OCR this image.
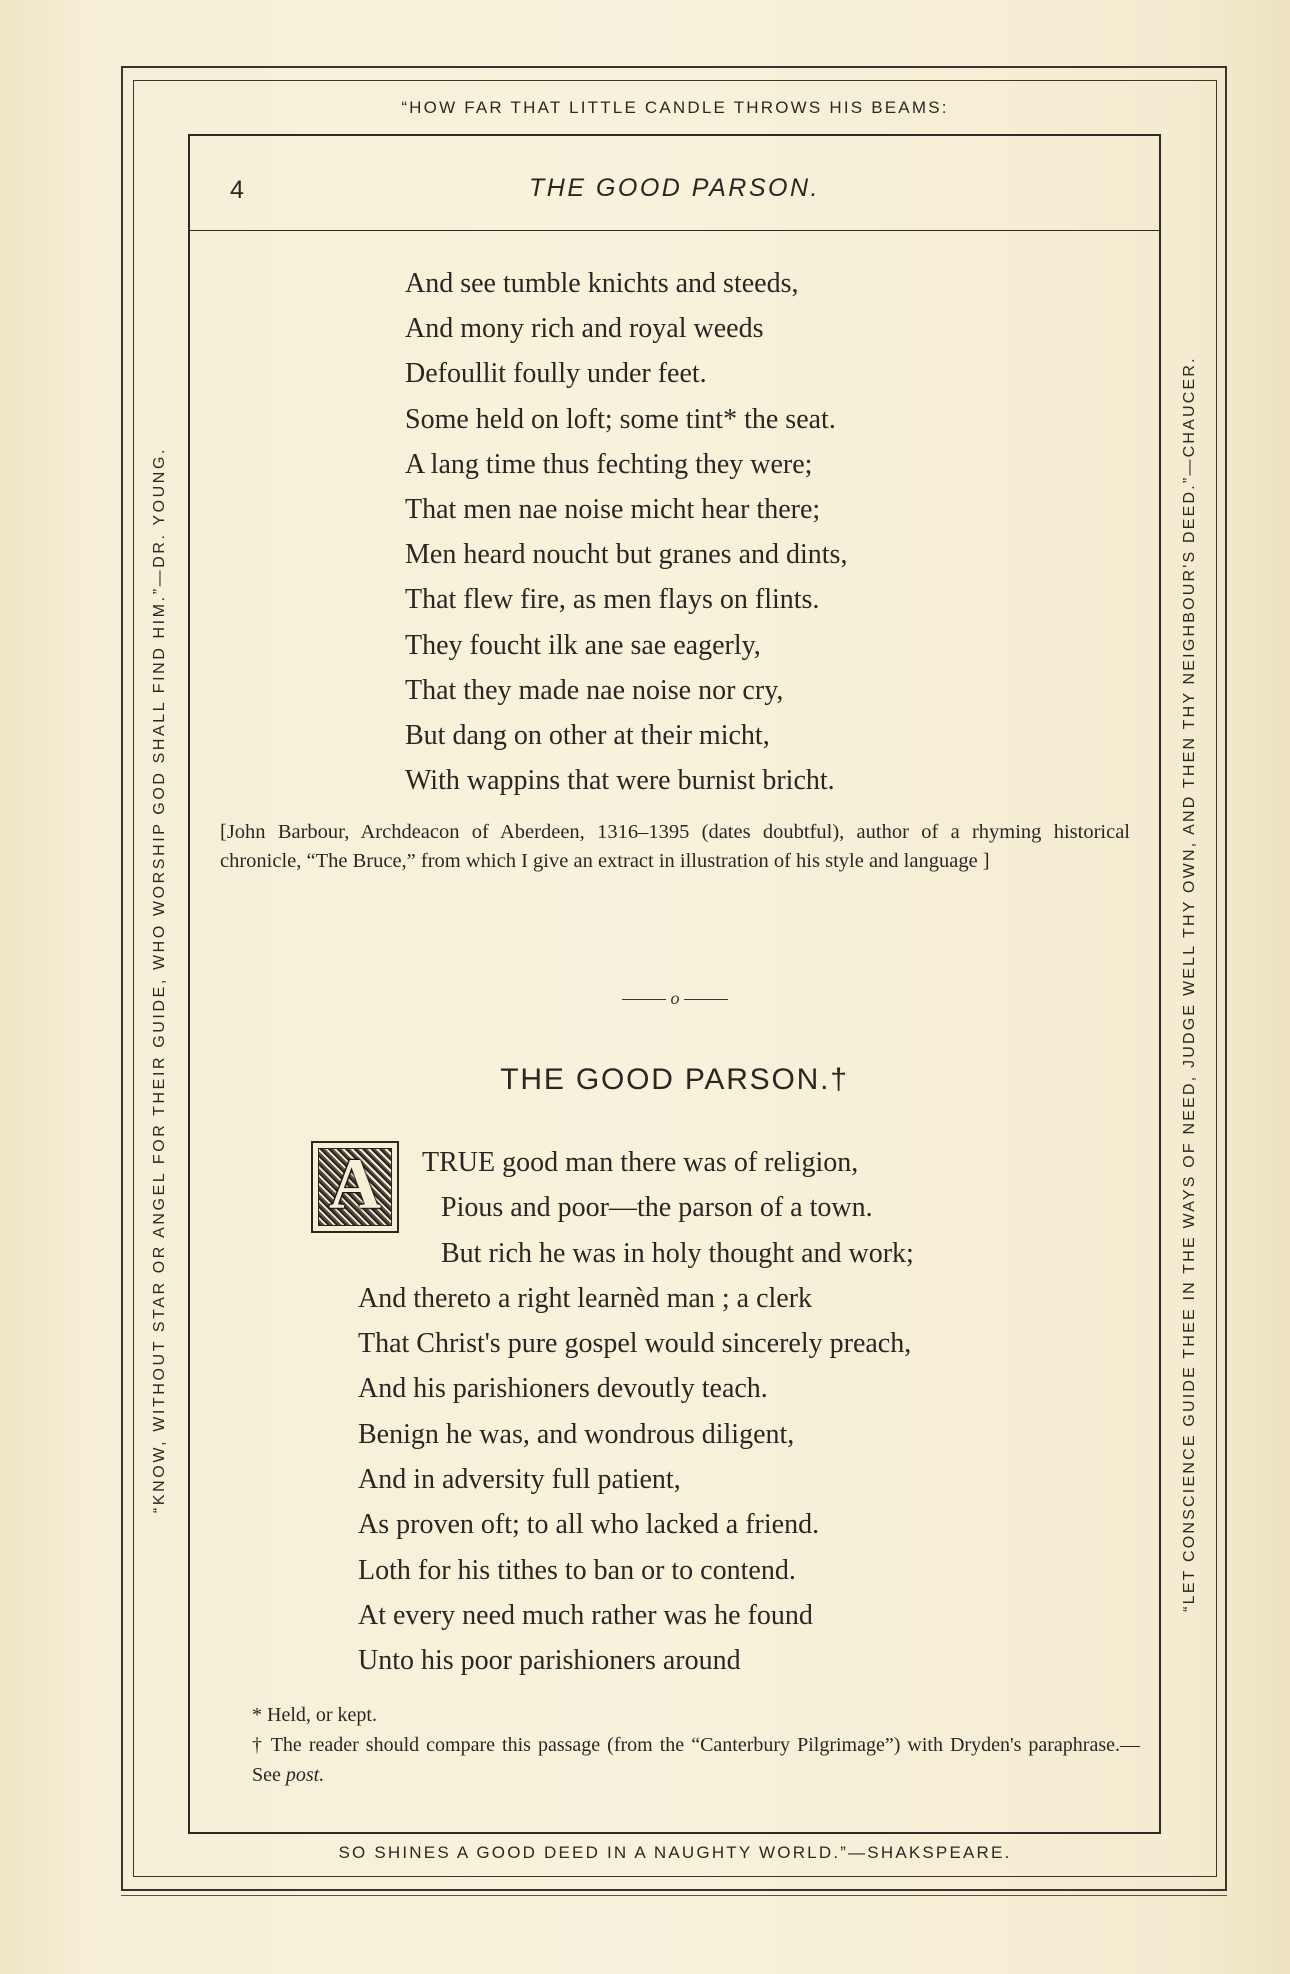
“HOW FAR THAT LITTLE CANDLE THROWS HIS BEAMS:
SO SHINES A GOOD DEED IN A NAUGHTY WORLD.”—SHAKSPEARE.
“KNOW, WITHOUT STAR OR ANGEL FOR THEIR GUIDE, WHO WORSHIP GOD SHALL FIND HIM.”—DR. YOUNG.	“LET CONSCIENCE GUIDE THEE IN THE WAYS OF NEED, JUDGE WELL THY OWN, AND THEN THY NEIGHBOUR'S DEED.”—CHAUCER.
4	THE GOOD PARSON.
And see tumble knichts and steeds,
And mony rich and royal weeds
Defoullit foully under feet.
Some held on loft; some tint* the seat.
A lang time thus fechting they were;
That men nae noise micht hear there;
Men heard noucht but granes and dints,
That flew fire, as men flays on flints.
They foucht ilk ane sae eagerly,
That they made nae noise nor cry,
But dang on other at their micht,
With wappins that were burnist bricht.
[John Barbour, Archdeacon of Aberdeen, 1316–1395 (dates doubtful), author of a rhyming historical chronicle, “The Bruce,” from which I give an extract in illustration of his style and language ]
o
THE GOOD PARSON.†
A	TRUE good man there was of religion,
Pious and poor—the parson of a town.
But rich he was in holy thought and work;
And thereto a right learnèd man ; a clerk
That Christ's pure gospel would sincerely preach,
And his parishioners devoutly teach.
Benign he was, and wondrous diligent,
And in adversity full patient,
As proven oft; to all who lacked a friend.
Loth for his tithes to ban or to contend.
At every need much rather was he found
Unto his poor parishioners around
* Held, or kept.
† The reader should compare this passage (from the “Canterbury Pilgrimage”) with Dryden's paraphrase.—See post.
